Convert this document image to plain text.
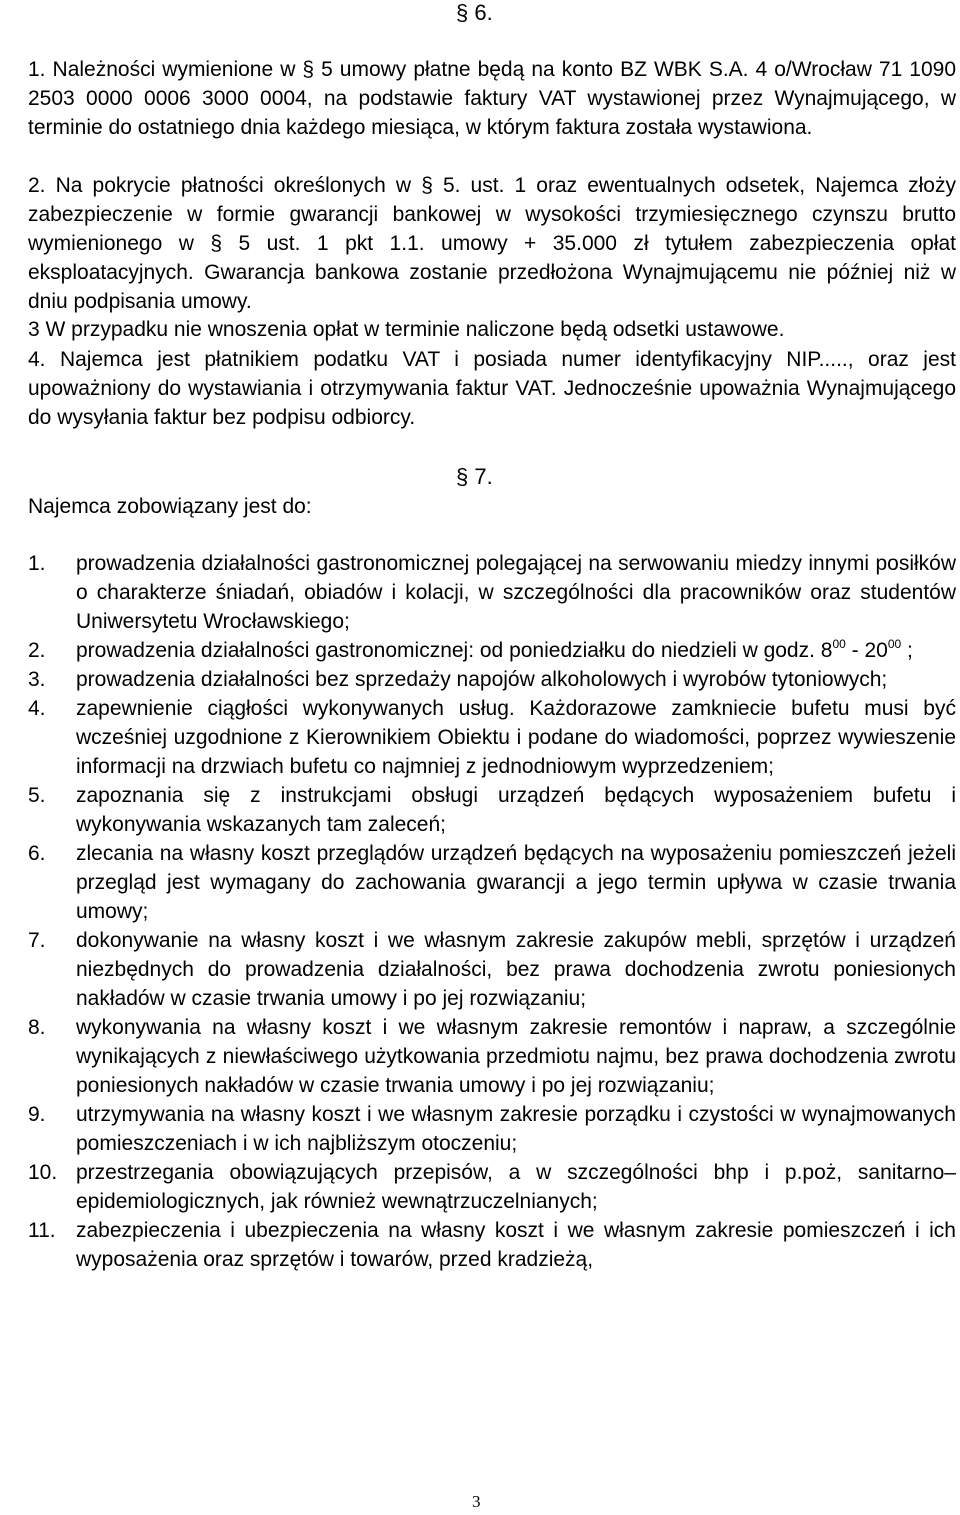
§ 6.
1. Należności wymienione w § 5 umowy płatne będą na konto BZ WBK S.A. 4 o/Wrocław 71 1090 2503 0000 0006 3000 0004, na podstawie faktury VAT wystawionej przez Wynajmującego, w terminie do ostatniego dnia każdego miesiąca, w którym faktura została wystawiona.
2. Na pokrycie płatności określonych w § 5. ust. 1 oraz ewentualnych odsetek, Najemca złoży zabezpieczenie w formie gwarancji bankowej w wysokości trzymiesięcznego czynszu brutto wymienionego w § 5 ust. 1 pkt 1.1. umowy + 35.000 zł tytułem zabezpieczenia opłat eksploatacyjnych. Gwarancja bankowa zostanie przedłożona Wynajmującemu nie później niż w dniu podpisania umowy.
3 W przypadku nie wnoszenia opłat w terminie naliczone będą odsetki ustawowe.
4. Najemca jest płatnikiem podatku VAT i posiada numer identyfikacyjny NIP....., oraz jest upoważniony do wystawiania i otrzymywania faktur VAT. Jednocześnie upoważnia Wynajmującego do wysyłania faktur bez podpisu odbiorcy.
§ 7.
Najemca zobowiązany jest do:
1.	prowadzenia działalności gastronomicznej polegającej na serwowaniu miedzy innymi posiłków o charakterze śniadań, obiadów i kolacji, w szczególności dla pracowników oraz studentów Uniwersytetu Wrocławskiego;
2.	prowadzenia działalności gastronomicznej: od poniedziałku do niedzieli w godz. $8^{00} - 20^{00}$ ;
3.	prowadzenia działalności bez sprzedaży napojów alkoholowych i wyrobów tytoniowych;
4.	zapewnienie ciągłości wykonywanych usług. Każdorazowe zamkniecie bufetu musi być wcześniej uzgodnione z Kierownikiem Obiektu i podane do wiadomości, poprzez wywieszenie informacji na drzwiach bufetu co najmniej z jednodniowym wyprzedzeniem;
5.	zapoznania się z instrukcjami obsługi urządzeń będących wyposażeniem bufetu i wykonywania wskazanych tam zaleceń;
6.	zlecania na własny koszt przeglądów urządzeń będących na wyposażeniu pomieszczeń jeżeli przegląd jest wymagany do zachowania gwarancji a jego termin upływa w czasie trwania umowy;
7.	dokonywanie na własny koszt i we własnym zakresie zakupów mebli, sprzętów i urządzeń niezbędnych do prowadzenia działalności, bez prawa dochodzenia zwrotu poniesionych nakładów w czasie trwania umowy i po jej rozwiązaniu;
8.	wykonywania na własny koszt i we własnym zakresie remontów i napraw, a szczególnie wynikających z niewłaściwego użytkowania przedmiotu najmu, bez prawa dochodzenia zwrotu poniesionych nakładów w czasie trwania umowy i po jej rozwiązaniu;
9.	utrzymywania na własny koszt i we własnym zakresie porządku i czystości w wynajmowanych pomieszczeniach i w ich najbliższym otoczeniu;
10. przestrzegania obowiązujących przepisów, a w szczególności bhp i p.poż, sanitarno–epidemiologicznych, jak również wewnątrzuczelnianych;
11. zabezpieczenia i ubezpieczenia na własny koszt i we własnym zakresie pomieszczeń i ich wyposażenia oraz sprzętów i towarów, przed kradzieżą,
3
